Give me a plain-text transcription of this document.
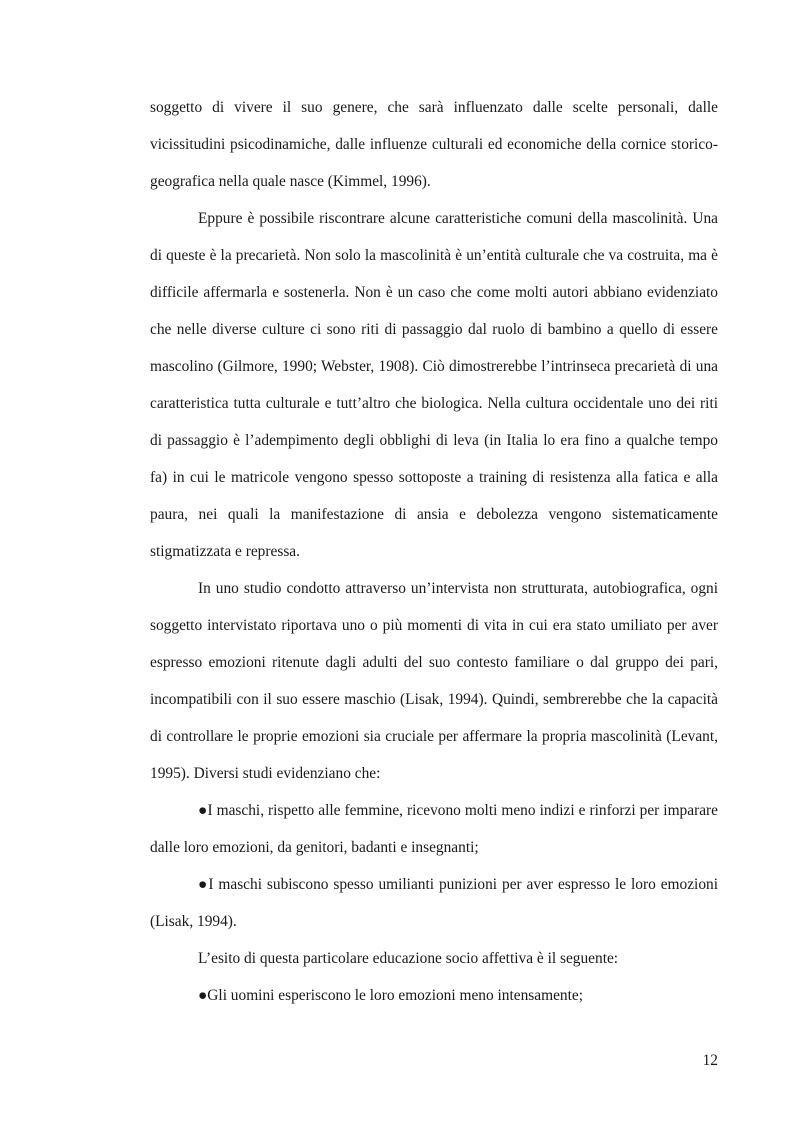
soggetto di vivere il suo genere, che sarà influenzato dalle scelte personali, dalle vicissitudini psicodinamiche, dalle influenze culturali ed economiche della cornice storico-geografica nella quale nasce (Kimmel, 1996).

Eppure è possibile riscontrare alcune caratteristiche comuni della mascolinità. Una di queste è la precarietà. Non solo la mascolinità è un’entità culturale che va costruita, ma è difficile affermarla e sostenerla. Non è un caso che come molti autori abbiano evidenziato che nelle diverse culture ci sono riti di passaggio dal ruolo di bambino a quello di essere mascolino (Gilmore, 1990; Webster, 1908). Ciò dimostrerebbe l’intrinseca precarietà di una caratteristica tutta culturale e tutt’altro che biologica. Nella cultura occidentale uno dei riti di passaggio è l’adempimento degli obblighi di leva (in Italia lo era fino a qualche tempo fa) in cui le matricole vengono spesso sottoposte a training di resistenza alla fatica e alla paura, nei quali la manifestazione di ansia e debolezza vengono sistematicamente stigmatizzata e repressa.

In uno studio condotto attraverso un’intervista non strutturata, autobiografica, ogni soggetto intervistato riportava uno o più momenti di vita in cui era stato umiliato per aver espresso emozioni ritenute dagli adulti del suo contesto familiare o dal gruppo dei pari, incompatibili con il suo essere maschio (Lisak, 1994). Quindi, sembrerebbe che la capacità di controllare le proprie emozioni sia cruciale per affermare la propria mascolinità (Levant, 1995). Diversi studi evidenziano che:

●I maschi, rispetto alle femmine, ricevono molti meno indizi e rinforzi per imparare dalle loro emozioni, da genitori, badanti e insegnanti;

●I maschi subiscono spesso umilianti punizioni per aver espresso le loro emozioni (Lisak, 1994).

L’esito di questa particolare educazione socio affettiva è il seguente:

●Gli uomini esperiscono le loro emozioni meno intensamente;

12
